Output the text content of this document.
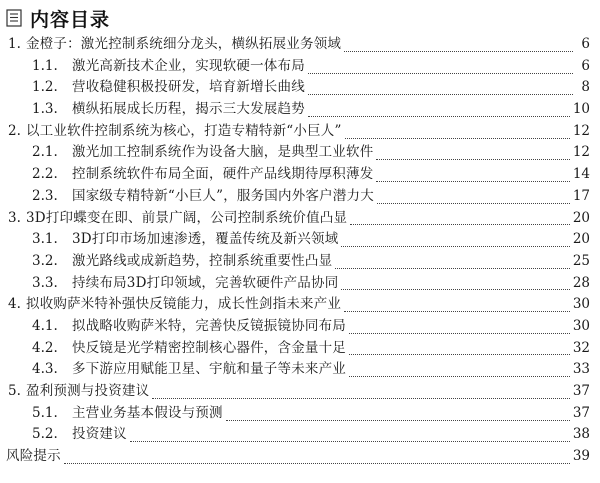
内容目录
1. 金橙子：激光控制系统细分龙头，横纵拓展业务领域	6
1.1.	激光高新技术企业，实现软硬一体布局	6
1.2.	营收稳健积极投研发，培育新增长曲线	8
1.3.	横纵拓展成长历程，揭示三大发展趋势	10
2. 以工业软件控制系统为核心，打造专精特新“小巨人”	12
2.1.	激光加工控制系统作为设备大脑，是典型工业软件	12
2.2.	控制系统软件布局全面，硬件产品线期待厚积薄发	14
2.3.	国家级专精特新“小巨人”，服务国内外客户潜力大	17
3. 3D打印蝶变在即、前景广阔，公司控制系统价值凸显	20
3.1.	3D打印市场加速渗透，覆盖传统及新兴领域	20
3.2.	激光路线或成新趋势，控制系统重要性凸显	25
3.3.	持续布局3D打印领域，完善软硬件产品协同	28
4. 拟收购萨米特补强快反镜能力，成长性剑指未来产业	30
4.1.	拟战略收购萨米特，完善快反镜振镜协同布局	30
4.2.	快反镜是光学精密控制核心器件，含金量十足	32
4.3.	多下游应用赋能卫星、宇航和量子等未来产业	33
5. 盈利预测与投资建议	37
5.1.	主营业务基本假设与预测	37
5.2.	投资建议	38
风险提示	39
